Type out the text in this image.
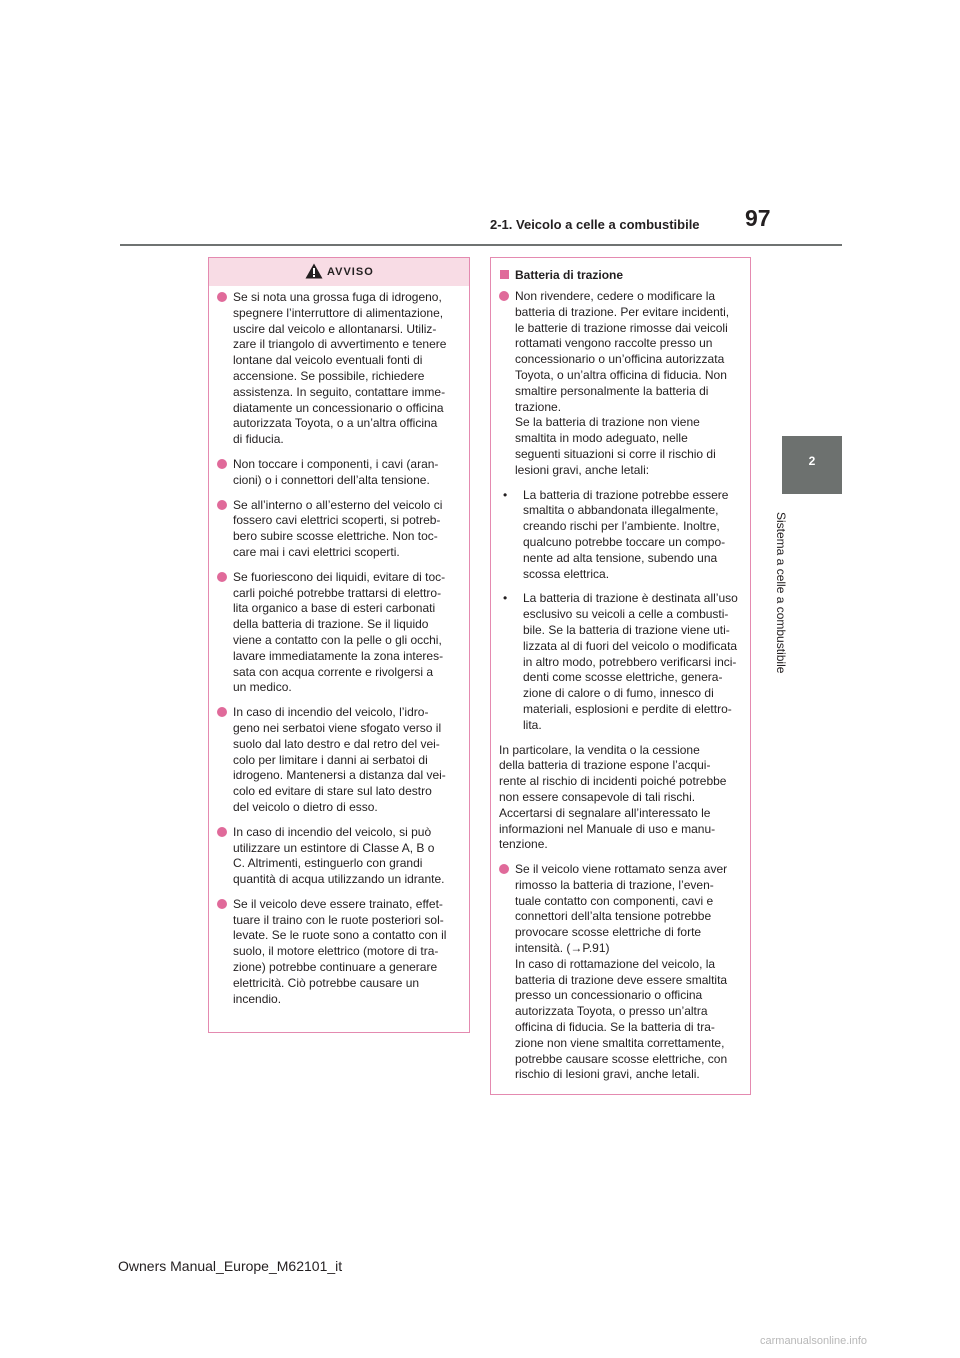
2-1. Veicolo a celle a combustibile 97
2
Sistema a celle a combustibile
AVVISO
Se si nota una grossa fuga di idrogeno,
spegnere l’interruttore di alimentazione,
uscire dal veicolo e allontanarsi. Utiliz-
zare il triangolo di avvertimento e tenere
lontane dal veicolo eventuali fonti di
accensione. Se possibile, richiedere
assistenza. In seguito, contattare imme-
diatamente un concessionario o officina
autorizzata Toyota, o a un’altra officina
di fiducia.
Non toccare i componenti, i cavi (aran-
cioni) o i connettori dell’alta tensione.
Se all’interno o all’esterno del veicolo ci
fossero cavi elettrici scoperti, si potreb-
bero subire scosse elettriche. Non toc-
care mai i cavi elettrici scoperti.
Se fuoriescono dei liquidi, evitare di toc-
carli poiché potrebbe trattarsi di elettro-
lita organico a base di esteri carbonati
della batteria di trazione. Se il liquido
viene a contatto con la pelle o gli occhi,
lavare immediatamente la zona interes-
sata con acqua corrente e rivolgersi a
un medico.
In caso di incendio del veicolo, l’idro-
geno nei serbatoi viene sfogato verso il
suolo dal lato destro e dal retro del vei-
colo per limitare i danni ai serbatoi di
idrogeno. Mantenersi a distanza dal vei-
colo ed evitare di stare sul lato destro
del veicolo o dietro di esso.
In caso di incendio del veicolo, si può
utilizzare un estintore di Classe A, B o
C. Altrimenti, estinguerlo con grandi
quantità di acqua utilizzando un idrante.
Se il veicolo deve essere trainato, effet-
tuare il traino con le ruote posteriori sol-
levate. Se le ruote sono a contatto con il
suolo, il motore elettrico (motore di tra-
zione) potrebbe continuare a generare
elettricità. Ciò potrebbe causare un
incendio.
Batteria di trazione
Non rivendere, cedere o modificare la
batteria di trazione. Per evitare incidenti,
le batterie di trazione rimosse dai veicoli
rottamati vengono raccolte presso un
concessionario o un’officina autorizzata
Toyota, o un’altra officina di fiducia. Non
smaltire personalmente la batteria di
trazione.
Se la batteria di trazione non viene
smaltita in modo adeguato, nelle
seguenti situazioni si corre il rischio di
lesioni gravi, anche letali:
• La batteria di trazione potrebbe essere
smaltita o abbandonata illegalmente,
creando rischi per l’ambiente. Inoltre,
qualcuno potrebbe toccare un compo-
nente ad alta tensione, subendo una
scossa elettrica.
• La batteria di trazione è destinata all’uso
esclusivo su veicoli a celle a combusti-
bile. Se la batteria di trazione viene uti-
lizzata al di fuori del veicolo o modificata
in altro modo, potrebbero verificarsi inci-
denti come scosse elettriche, genera-
zione di calore o di fumo, innesco di
materiali, esplosioni e perdite di elettro-
lita.
In particolare, la vendita o la cessione
della batteria di trazione espone l’acqui-
rente al rischio di incidenti poiché potrebbe
non essere consapevole di tali rischi.
Accertarsi di segnalare all’interessato le
informazioni nel Manuale di uso e manu-
tenzione.
Se il veicolo viene rottamato senza aver
rimosso la batteria di trazione, l’even-
tuale contatto con componenti, cavi e
connettori dell’alta tensione potrebbe
provocare scosse elettriche di forte
intensità. (→P.91)
In caso di rottamazione del veicolo, la
batteria di trazione deve essere smaltita
presso un concessionario o officina
autorizzata Toyota, o presso un’altra
officina di fiducia. Se la batteria di tra-
zione non viene smaltita correttamente,
potrebbe causare scosse elettriche, con
rischio di lesioni gravi, anche letali.
Owners Manual_Europe_M62101_it
carmanualsonline.info
